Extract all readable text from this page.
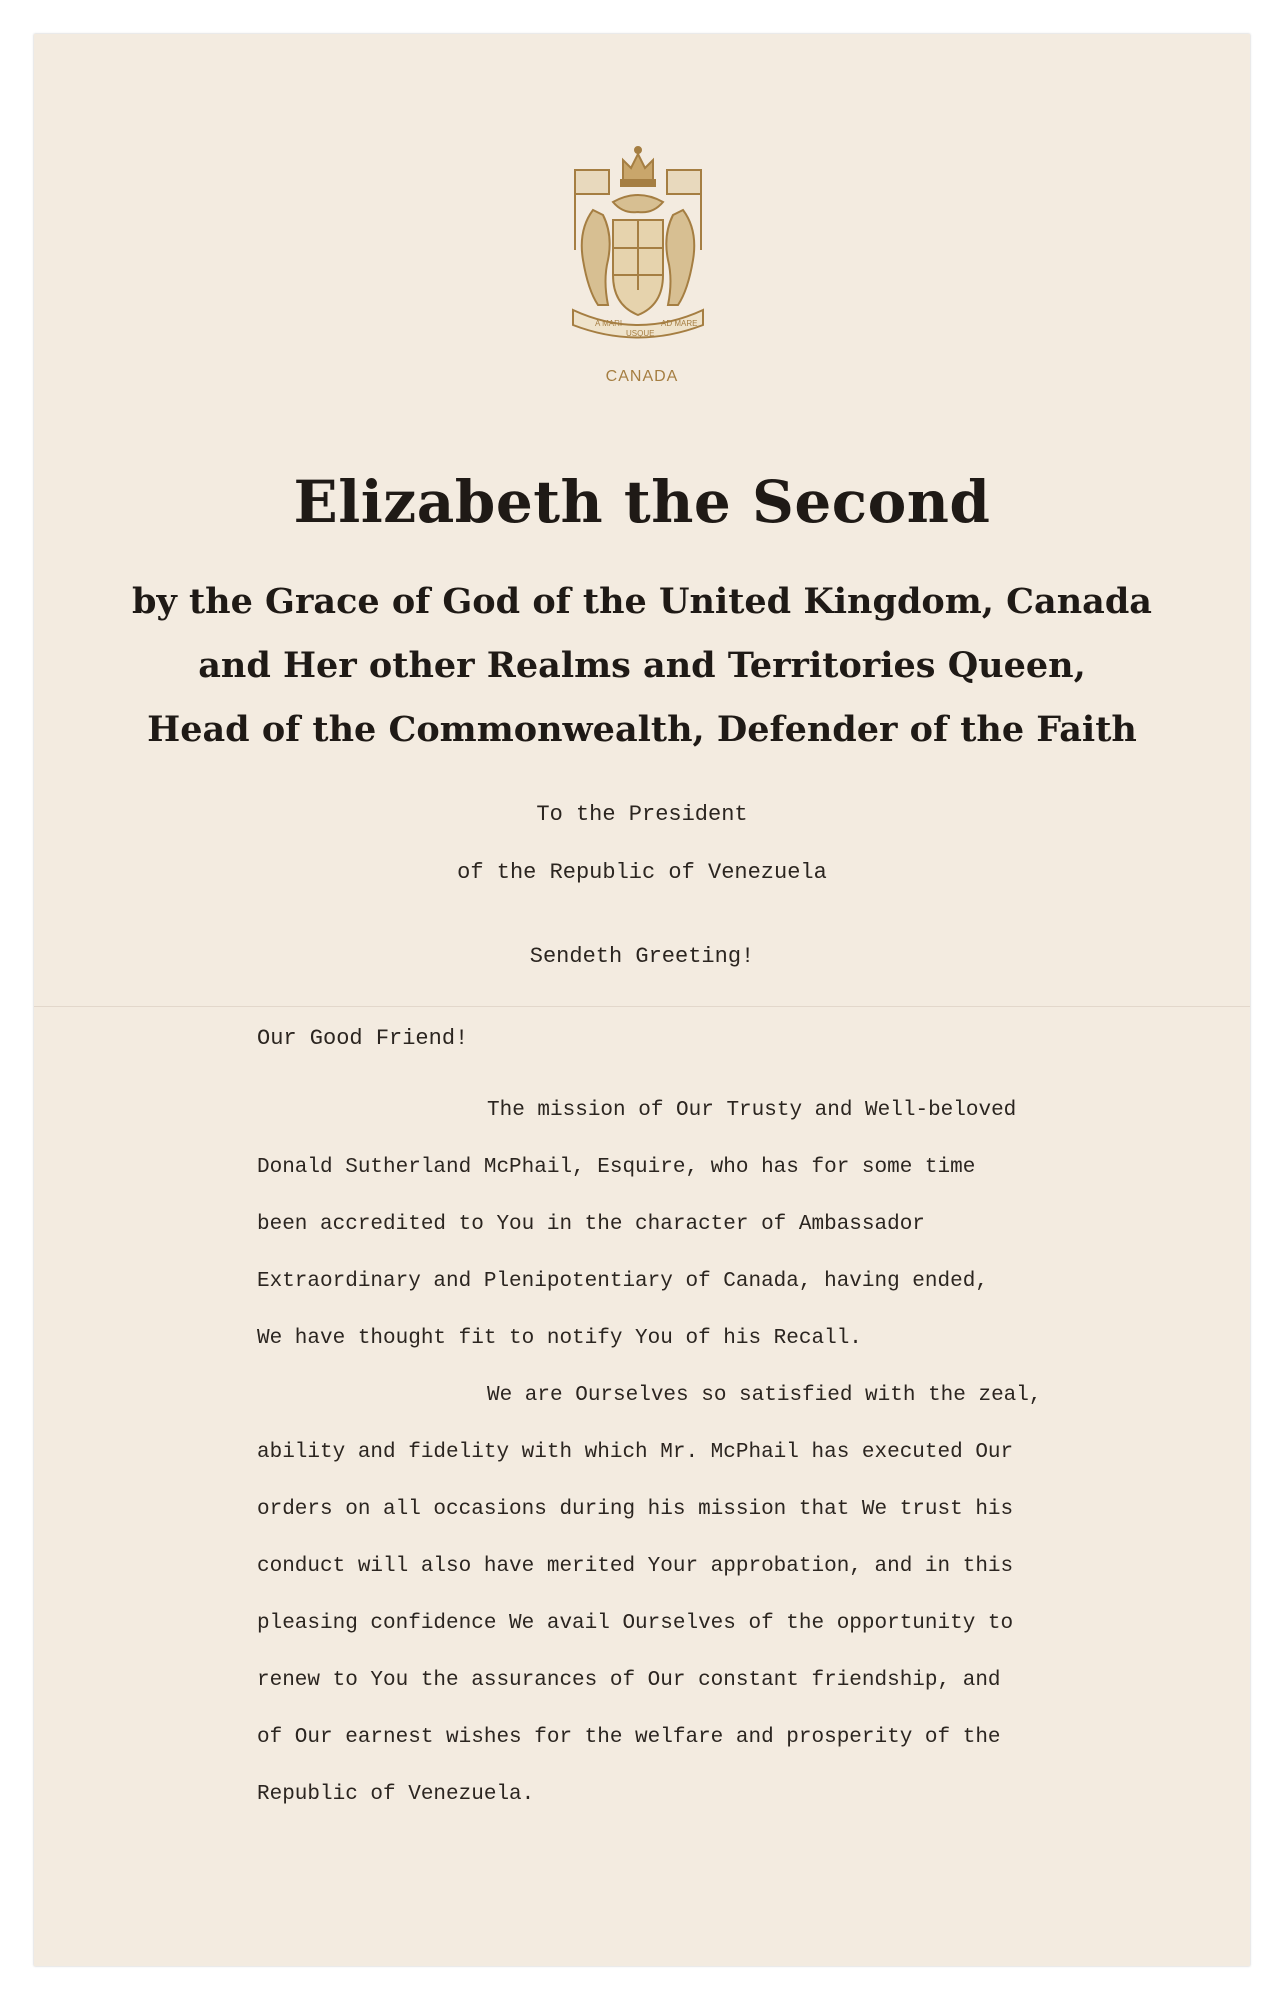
A MARI
USQUE
AD MARE
CANADA
Elizabeth the Second
by the Grace of God of the United Kingdom, Canada
and Her other Realms and Territories Queen,
Head of the Commonwealth, Defender of the Faith
To the President
of the Republic of Venezuela
Sendeth Greeting!
Our Good Friend!
The mission of Our Trusty and Well-beloved
Donald Sutherland McPhail, Esquire, who has for some time
been accredited to You in the character of Ambassador
Extraordinary and Plenipotentiary of Canada, having ended,
We have thought fit to notify You of his Recall.
We are Ourselves so satisfied with the zeal,
ability and fidelity with which Mr. McPhail has executed Our
orders on all occasions during his mission that We trust his
conduct will also have merited Your approbation, and in this
pleasing confidence We avail Ourselves of the opportunity to
renew to You the assurances of Our constant friendship, and
of Our earnest wishes for the welfare and prosperity of the
Republic of Venezuela.
